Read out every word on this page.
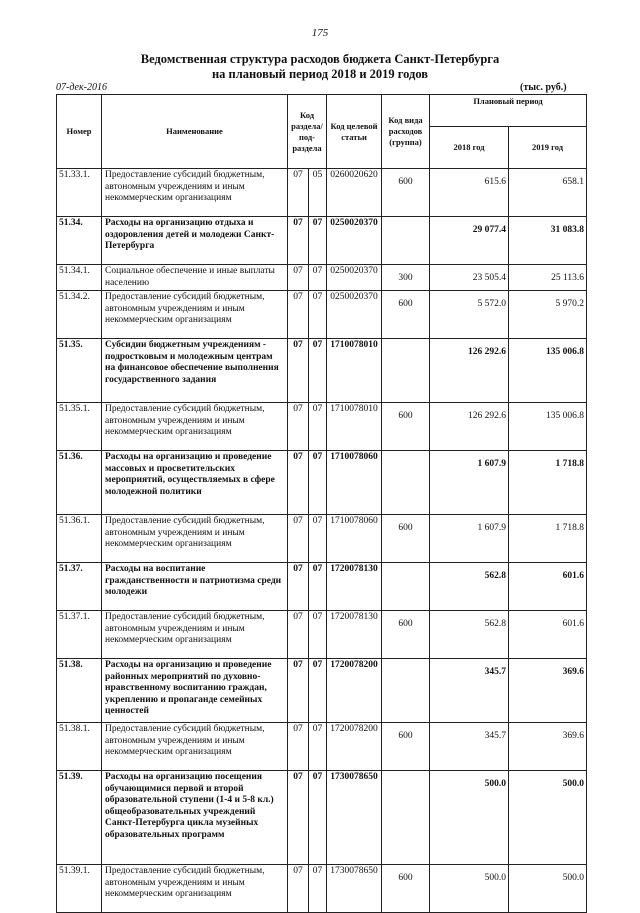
175
Ведомственная структура расходов бюджета Санкт-Петербурга
на плановый период 2018 и 2019 годов
07-дек-2016	(тыс. руб.)
Номер	Наименование	Код раздела/ под- раздела		Код целевой статьи	Код вида расходов (группа)	Плановый период	
						2018 год	2019 год
51.33.1.	Предоставление субсидий бюджетным, автономным учреждениям и иным некоммерческим организациям	07	05	0260020620	600	615.6	658.1
51.34.	Расходы на организацию отдыха и оздоровления детей и молодежи Санкт-Петербурга	07	07	0250020370		29 077.4	31 083.8
51.34.1.	Социальное обеспечение и иные выплаты населению	07	07	0250020370	300	23 505.4	25 113.6
51.34.2.	Предоставление субсидий бюджетным, автономным учреждениям и иным некоммерческим организациям	07	07	0250020370	600	5 572.0	5 970.2
51.35.	Субсидии бюджетным учреждениям - подростковым и молодежным центрам на финансовое обеспечение выполнения государственного задания	07	07	1710078010		126 292.6	135 006.8
51.35.1.	Предоставление субсидий бюджетным, автономным учреждениям и иным некоммерческим организациям	07	07	1710078010	600	126 292.6	135 006.8
51.36.	Расходы на организацию и проведение массовых и просветительских мероприятий, осуществляемых в сфере молодежной политики	07	07	1710078060		1 607.9	1 718.8
51.36.1.	Предоставление субсидий бюджетным, автономным учреждениям и иным некоммерческим организациям	07	07	1710078060	600	1 607.9	1 718.8
51.37.	Расходы на воспитание гражданственности и патриотизма среди молодежи	07	07	1720078130		562.8	601.6
51.37.1.	Предоставление субсидий бюджетным, автономным учреждениям и иным некоммерческим организациям	07	07	1720078130	600	562.8	601.6
51.38.	Расходы на организацию и проведение районных мероприятий по духовно-нравственному воспитанию граждан, укреплению и пропаганде семейных ценностей	07	07	1720078200		345.7	369.6
51.38.1.	Предоставление субсидий бюджетным, автономным учреждениям и иным некоммерческим организациям	07	07	1720078200	600	345.7	369.6
51.39.	Расходы на организацию посещения обучающимися первой и второй образовательной ступени (1-4 и 5-8 кл.) общеобразовательных учреждений Санкт-Петербурга цикла музейных образовательных программ	07	07	1730078650		500.0	500.0
51.39.1.	Предоставление субсидий бюджетным, автономным учреждениям и иным некоммерческим организациям	07	07	1730078650	600	500.0	500.0
